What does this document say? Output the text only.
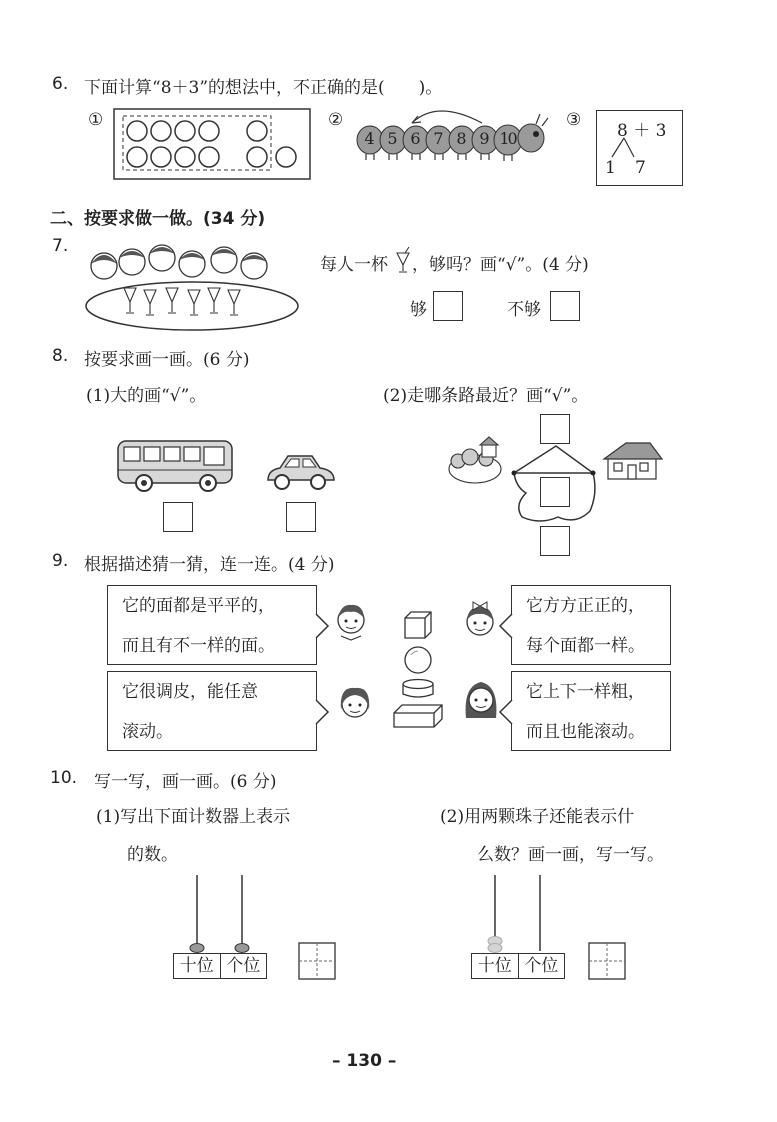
6. 下面计算“8＋3”的想法中，不正确的是(　　)。
①	②
4 5 6 7 8 9 10
③
8 ＋ 3
1 7
二、按要求做一做。(34 分)
7.
每人一杯 ，够吗？画“√”。(4 分)
够	不够
8. 按要求画一画。(6 分)
(1)大的画“√”。	(2)走哪条路最近？画“√”。
9. 根据描述猜一猜，连一连。(4 分)
它的面都是平平的，
而且有不一样的面。
它很调皮，能任意
滚动。
它方方正正的，
每个面都一样。
它上下一样粗，
而且也能滚动。
10. 写一写，画一画。(6 分)
(1)写出下面计数器上表示
的数。
(2)用两颗珠子还能表示什
么数？画一画，写一写。
十位 个位	十位 个位
– 130 –
